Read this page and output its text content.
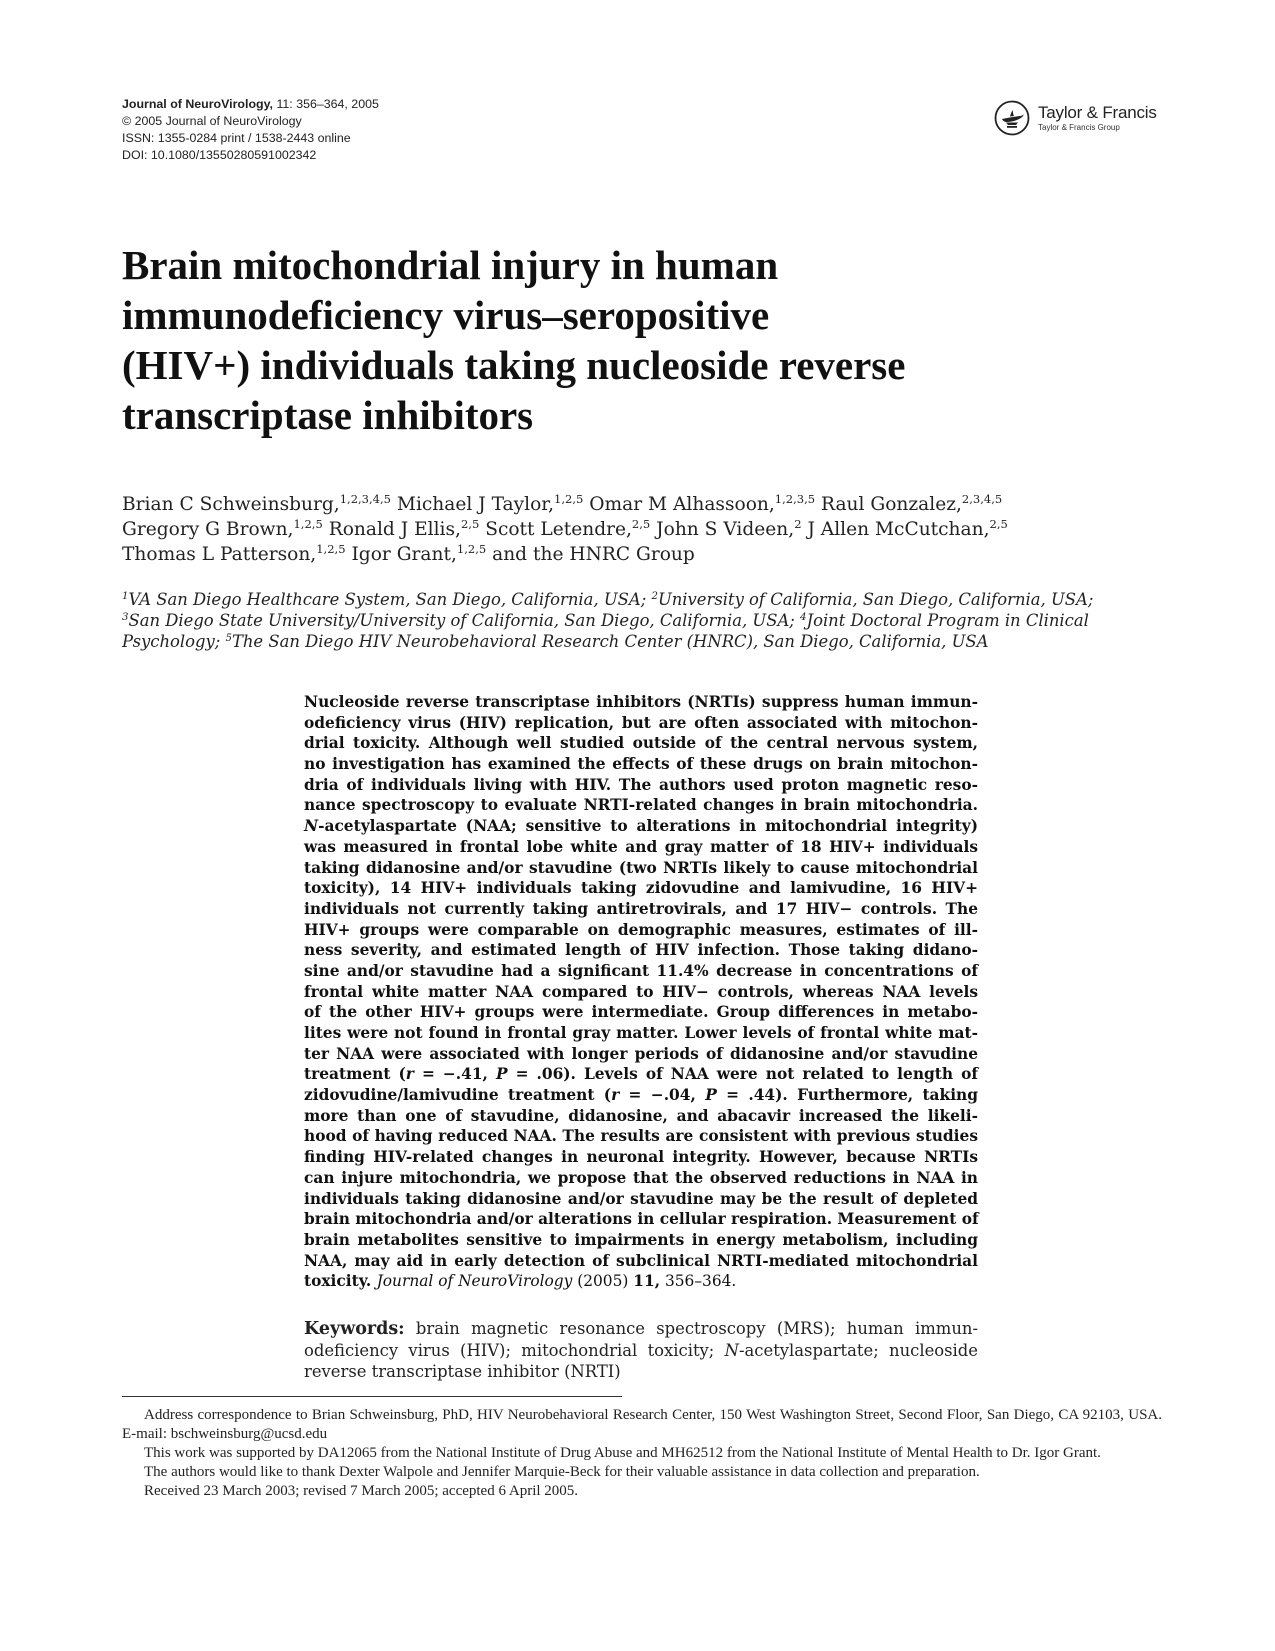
Journal of NeuroVirology, 11: 356–364, 2005
© 2005 Journal of NeuroVirology
ISSN: 1355-0284 print / 1538-2443 online
DOI: 10.1080/13550280591002342
Taylor & Francis
Taylor & Francis Group
Brain mitochondrial injury in human
immunodeficiency virus–seropositive
(HIV+) individuals taking nucleoside reverse
transcriptase inhibitors
Brian C Schweinsburg,$^{1,2,3,4,5}$ Michael J Taylor,$^{1,2,5}$ Omar M Alhassoon,$^{1,2,3,5}$ Raul Gonzalez,$^{2,3,4,5}$
Gregory G Brown,$^{1,2,5}$ Ronald J Ellis,$^{2,5}$ Scott Letendre,$^{2,5}$ John S Videen,$^2$ J Allen McCutchan,$^{2,5}$
Thomas L Patterson,$^{1,2,5}$ Igor Grant,$^{1,2,5}$ and the HNRC Group
$^1$VA San Diego Healthcare System, San Diego, California, USA; $^2$University of California, San Diego, California, USA;
$^3$San Diego State University/University of California, San Diego, California, USA; $^4$Joint Doctoral Program in Clinical
Psychology; $^5$The San Diego HIV Neurobehavioral Research Center (HNRC), San Diego, California, USA
Nucleoside reverse transcriptase inhibitors (NRTIs) suppress human immun-
odeficiency virus (HIV) replication, but are often associated with mitochon-
drial toxicity. Although well studied outside of the central nervous system,
no investigation has examined the effects of these drugs on brain mitochon-
dria of individuals living with HIV. The authors used proton magnetic reso-
nance spectroscopy to evaluate NRTI-related changes in brain mitochondria.
N-acetylaspartate (NAA; sensitive to alterations in mitochondrial integrity)
was measured in frontal lobe white and gray matter of 18 HIV+ individuals
taking didanosine and/or stavudine (two NRTIs likely to cause mitochondrial
toxicity), 14 HIV+ individuals taking zidovudine and lamivudine, 16 HIV+
individuals not currently taking antiretrovirals, and 17 HIV− controls. The
HIV+ groups were comparable on demographic measures, estimates of ill-
ness severity, and estimated length of HIV infection. Those taking didano-
sine and/or stavudine had a significant 11.4% decrease in concentrations of
frontal white matter NAA compared to HIV− controls, whereas NAA levels
of the other HIV+ groups were intermediate. Group differences in metabo-
lites were not found in frontal gray matter. Lower levels of frontal white mat-
ter NAA were associated with longer periods of didanosine and/or stavudine
treatment (r = −.41, P = .06). Levels of NAA were not related to length of
zidovudine/lamivudine treatment (r = −.04, P = .44). Furthermore, taking
more than one of stavudine, didanosine, and abacavir increased the likeli-
hood of having reduced NAA. The results are consistent with previous studies
finding HIV-related changes in neuronal integrity. However, because NRTIs
can injure mitochondria, we propose that the observed reductions in NAA in
individuals taking didanosine and/or stavudine may be the result of depleted
brain mitochondria and/or alterations in cellular respiration. Measurement of
brain metabolites sensitive to impairments in energy metabolism, including
NAA, may aid in early detection of subclinical NRTI-mediated mitochondrial
toxicity. Journal of NeuroVirology (2005) 11, 356–364.
Keywords: brain magnetic resonance spectroscopy (MRS); human immun-
odeficiency virus (HIV); mitochondrial toxicity; N-acetylaspartate; nucleoside
reverse transcriptase inhibitor (NRTI)

Address correspondence to Brian Schweinsburg, PhD, HIV Neurobehavioral Research Center, 150 West Washington Street, Second Floor, San Diego, CA 92103, USA. E-mail: bschweinsburg@ucsd.edu

This work was supported by DA12065 from the National Institute of Drug Abuse and MH62512 from the National Institute of Mental Health to Dr. Igor Grant.

The authors would like to thank Dexter Walpole and Jennifer Marquie-Beck for their valuable assistance in data collection and preparation.

Received 23 March 2003; revised 7 March 2005; accepted 6 April 2005.
